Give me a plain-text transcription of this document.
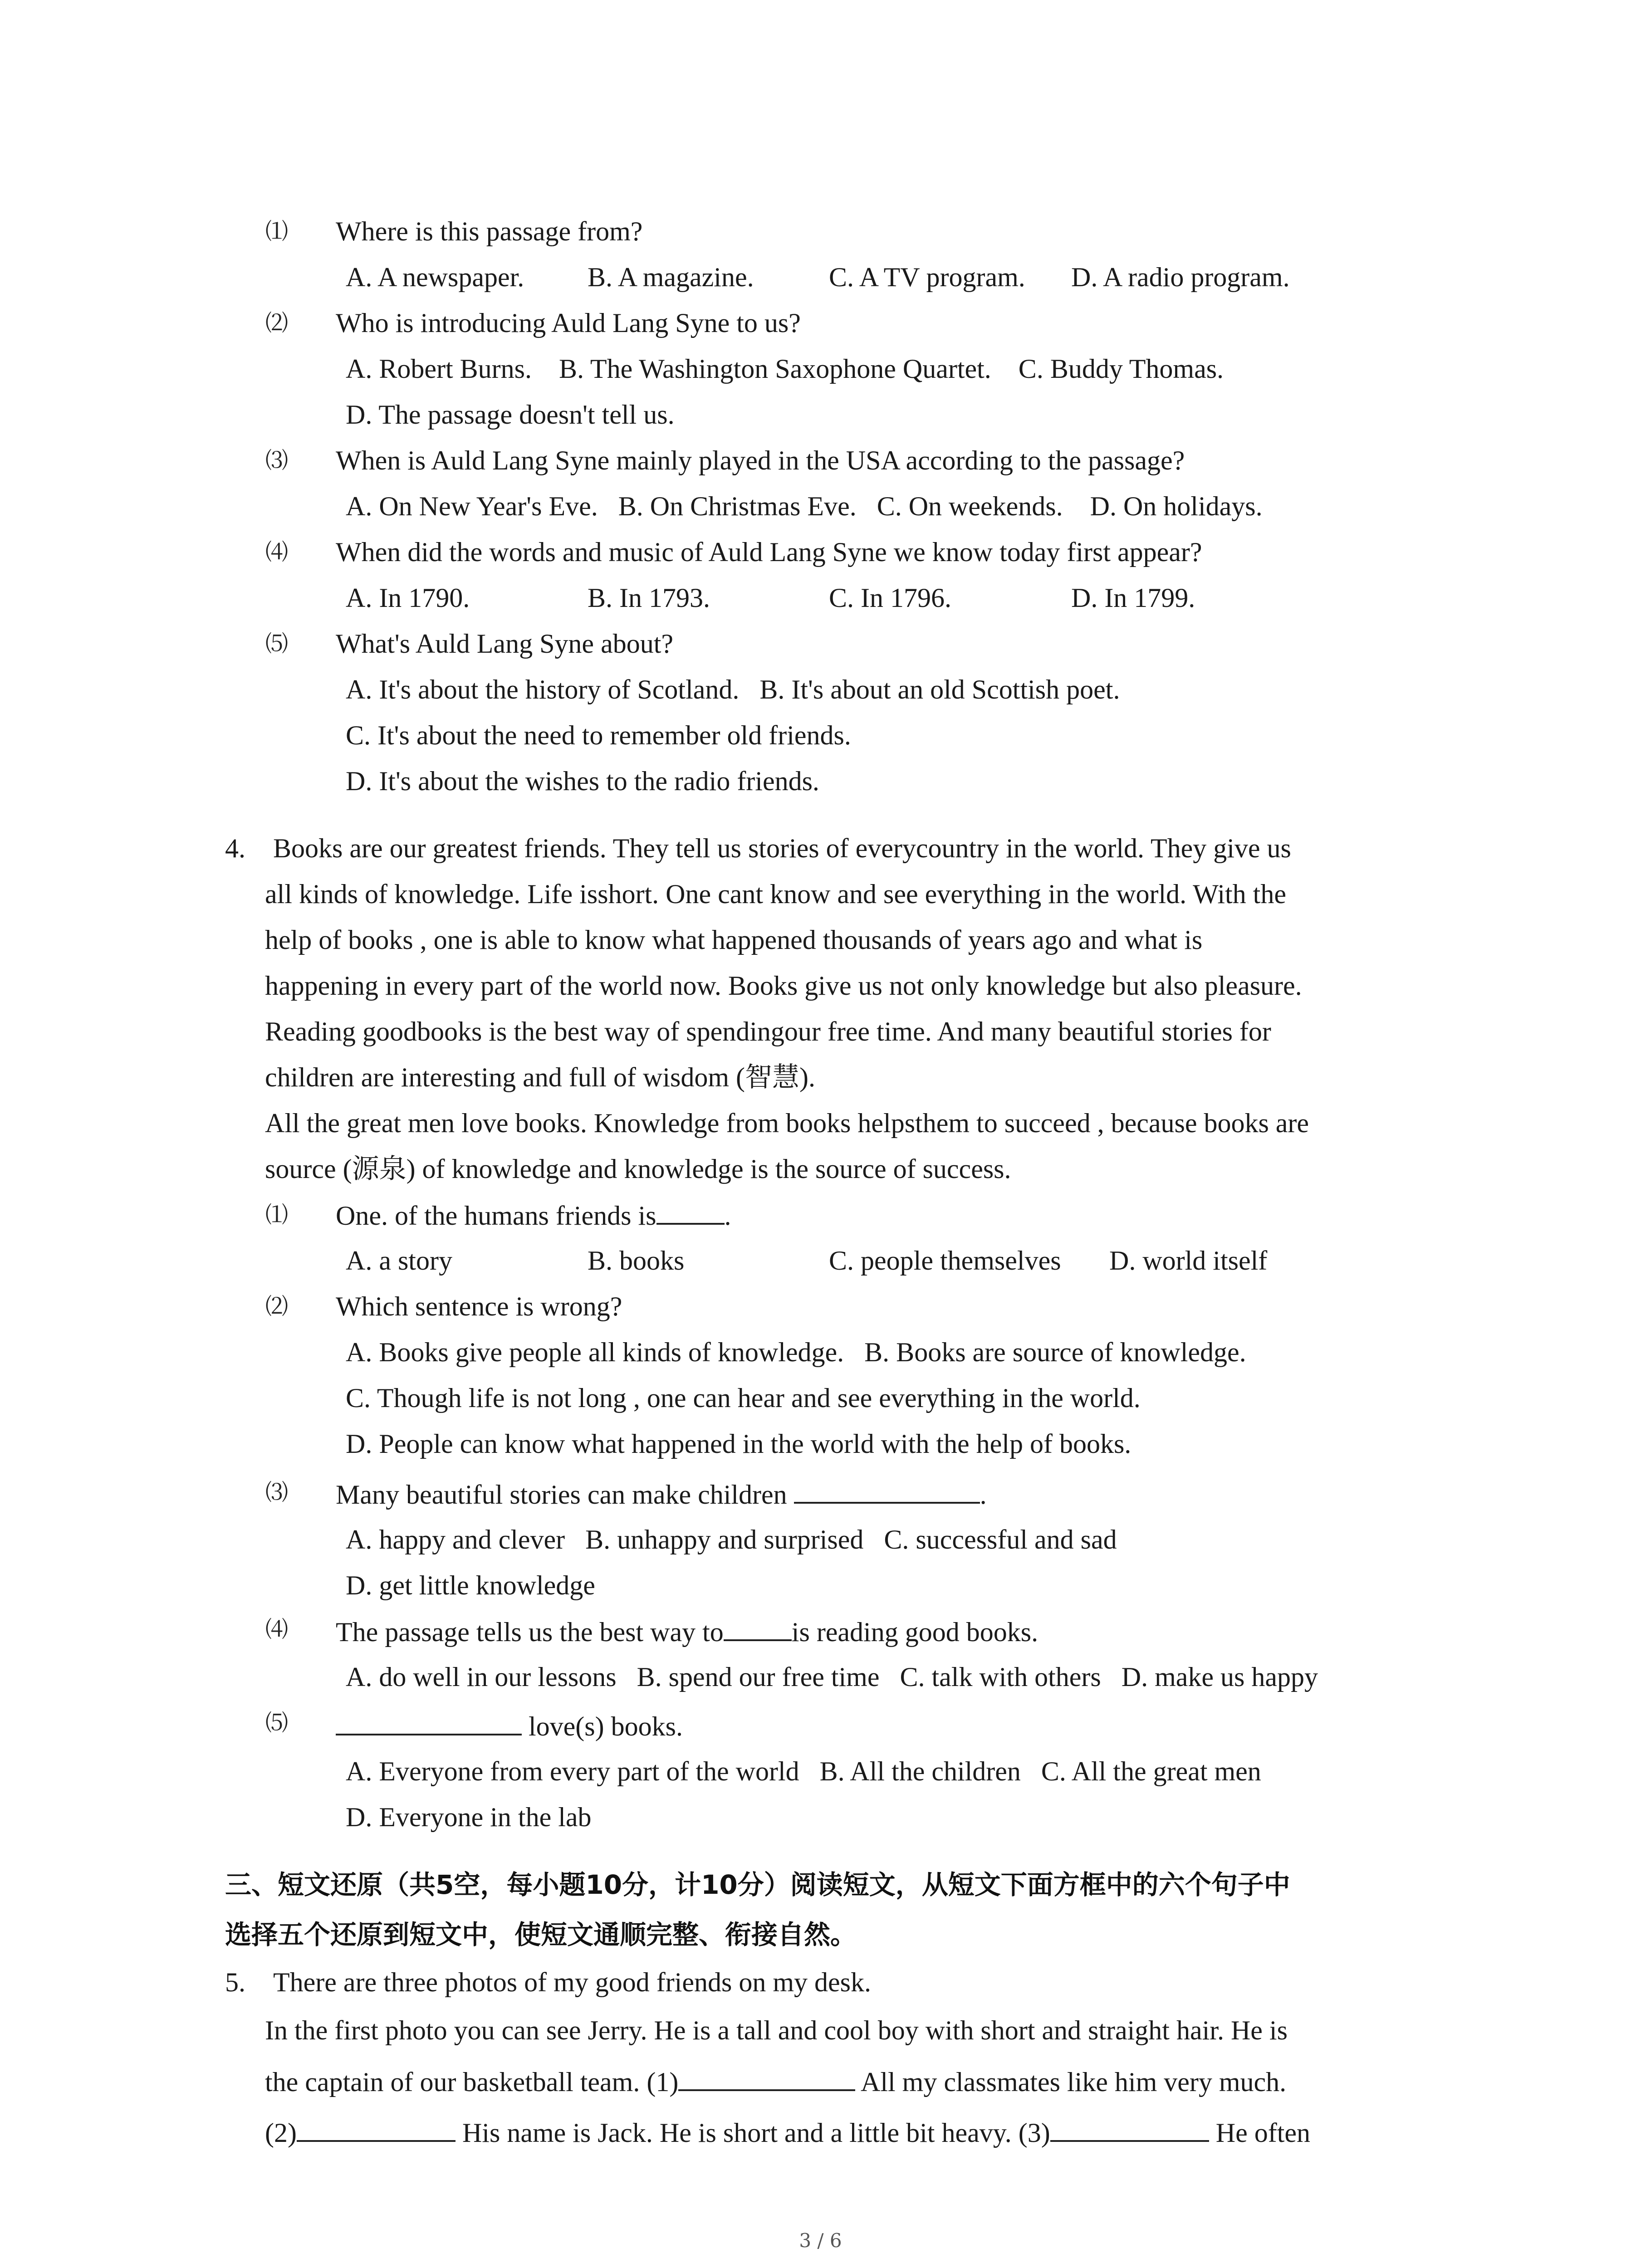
⑴ Where is this passage from?
A. A newspaper. B. A magazine.	C. A TV program. D. A radio program.
⑵ Who is introducing Auld Lang Syne to us?
A. Robert Burns.    B. The Washington Saxophone Quartet.    C. Buddy Thomas.
D. The passage doesn't tell us.
⑶ When is Auld Lang Syne mainly played in the USA according to the passage?
A. On New Year's Eve.   B. On Christmas Eve.   C. On weekends.    D. On holidays.
⑷ When did the words and music of Auld Lang Syne we know today first appear?
A. In 1790.	B. In 1793.	C. In 1796.	D. In 1799.
⑸ What's Auld Lang Syne about?
A. It's about the history of Scotland.   B. It's about an old Scottish poet.
C. It's about the need to remember old friends.
D. It's about the wishes to the radio friends.
4. Books are our greatest friends. They tell us stories of everycountry in the world. They give us
all kinds of knowledge. Life isshort. One cant know and see everything in the world. With the
help of books , one is able to know what happened thousands of years ago and what is
happening in every part of the world now. Books give us not only knowledge but also pleasure.
Reading goodbooks is the best way of spendingour free time. And many beautiful stories for
children are interesting and full of wisdom (智慧).
All the great men love books. Knowledge from books helpsthem to succeed , because books are
source (源泉) of knowledge and knowledge is the source of success.
⑴ One. of the humans friends is	.
A. a story	B. books	C. people themselves D. world itself
⑵ Which sentence is wrong?
A. Books give people all kinds of knowledge.   B. Books are source of knowledge.
C. Though life is not long , one can hear and see everything in the world.
D. People can know what happened in the world with the help of books.
⑶ Many beautiful stories can make children	.
A. happy and clever   B. unhappy and surprised   C. successful and sad
D. get little knowledge
⑷ The passage tells us the best way to	is reading good books.
A. do well in our lessons   B. spend our free time   C. talk with others   D. make us happy
⑸	love(s) books.
A. Everyone from every part of the world   B. All the children   C. All the great men
D. Everyone in the lab
三、短文还原（共5空，每小题10分，计10分）阅读短文，从短文下面方框中的六个句子中
选择五个还原到短文中，使短文通顺完整、衔接自然。
5. There are three photos of my good friends on my desk.
In the first photo you can see Jerry. He is a tall and cool boy with short and straight hair. He is
the captain of our basketball team. (1)	All my classmates like him very much.
(2)	His name is Jack. He is short and a little bit heavy. (3)	He often
3 / 6
